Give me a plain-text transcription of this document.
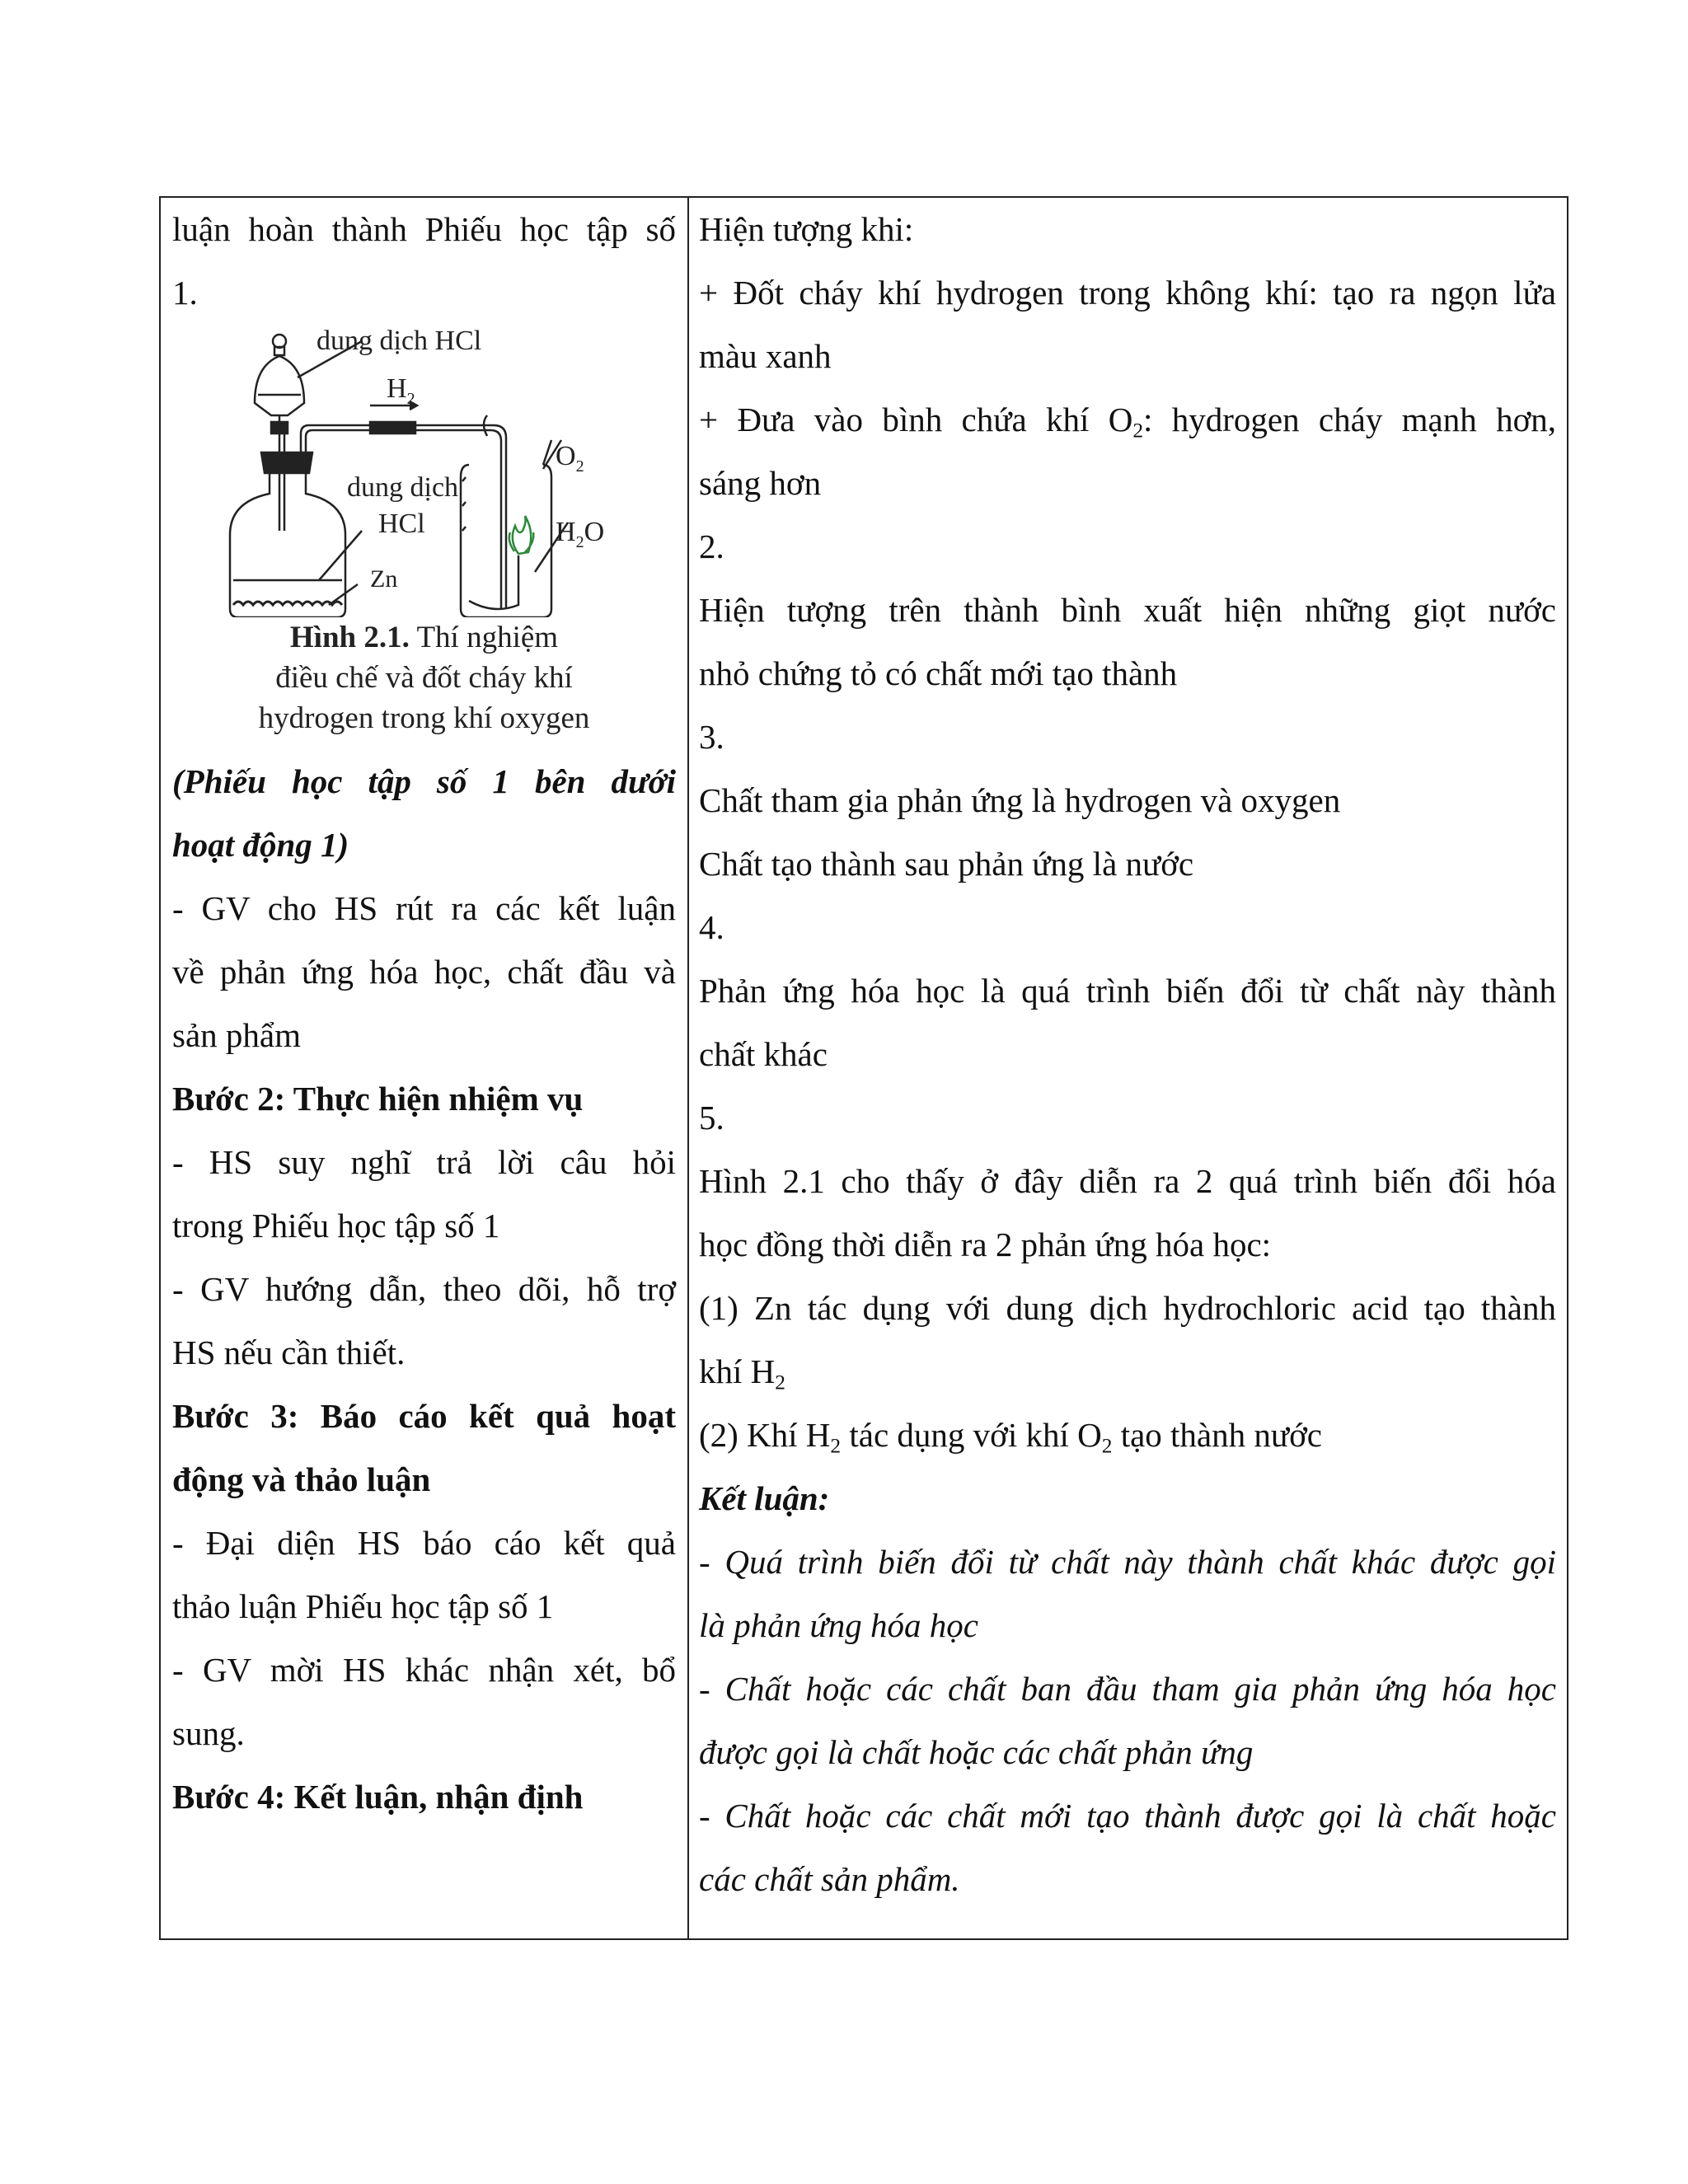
luận hoàn thành Phiếu học tập số
1.
dung dịch HCl
$H_2$
$O_2$
dung dịch
HCl	$H_2O$
Zn
Hình 2.1. Thí nghiệm
điều chế và đốt cháy khí
hydrogen trong khí oxygen
(Phiếu học tập số 1 bên dưới
hoạt động 1)
- GV cho HS rút ra các kết luận
về phản ứng hóa học, chất đầu và
sản phẩm
Bước 2: Thực hiện nhiệm vụ
- HS suy nghĩ trả lời câu hỏi
trong Phiếu học tập số 1
- GV hướng dẫn, theo dõi, hỗ trợ
HS nếu cần thiết.
Bước 3: Báo cáo kết quả hoạt
động và thảo luận
- Đại diện HS báo cáo kết quả
thảo luận Phiếu học tập số 1
- GV mời HS khác nhận xét, bổ
sung.
Bước 4: Kết luận, nhận định
Hiện tượng khi:
+ Đốt cháy khí hydrogen trong không khí: tạo ra ngọn lửa
màu xanh
+ Đưa vào bình chứa khí $O_2$: hydrogen cháy mạnh hơn,
sáng hơn
2.
Hiện tượng trên thành bình xuất hiện những giọt nước
nhỏ chứng tỏ có chất mới tạo thành
3.
Chất tham gia phản ứng là hydrogen và oxygen
Chất tạo thành sau phản ứng là nước
4.
Phản ứng hóa học là quá trình biến đổi từ chất này thành
chất khác
5.
Hình 2.1 cho thấy ở đây diễn ra 2 quá trình biến đổi hóa
học đồng thời diễn ra 2 phản ứng hóa học:
(1) Zn tác dụng với dung dịch hydrochloric acid tạo thành
khí $H_2$
(2) Khí $H_2$ tác dụng với khí $O_2$ tạo thành nước
Kết luận:
- Quá trình biến đổi từ chất này thành chất khác được gọi
là phản ứng hóa học
- Chất hoặc các chất ban đầu tham gia phản ứng hóa học
được gọi là chất hoặc các chất phản ứng
- Chất hoặc các chất mới tạo thành được gọi là chất hoặc
các chất sản phẩm.
